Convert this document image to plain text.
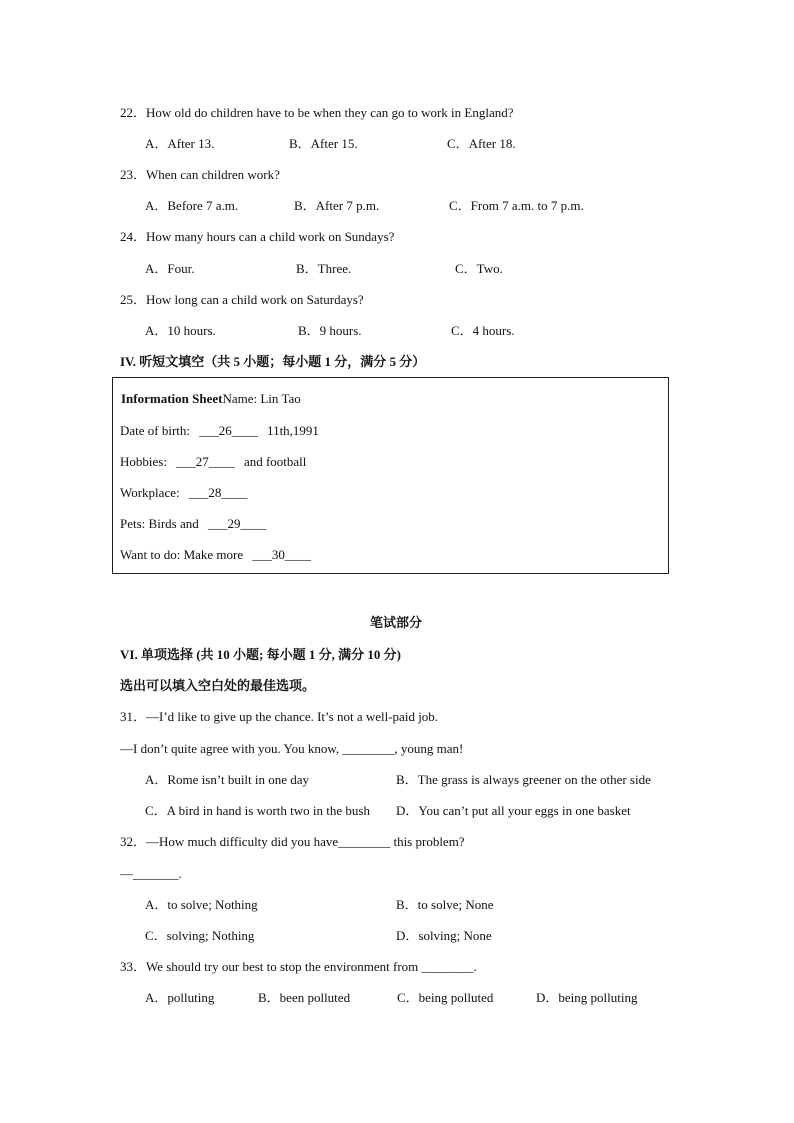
22．How old do children have to be when they can go to work in England?
A．After 13.	B．After 15.	C．After 18.
23．When can children work?
A．Before 7 a.m.	B．After 7 p.m.	C．From 7 a.m. to 7 p.m.
24．How many hours can a child work on Sundays?
A．Four.	B．Three.	C．Two.
25．How long can a child work on Saturdays?
A．10 hours.	B．9 hours.	C．4 hours.
IV. 听短文填空（共 5 小题；每小题 1 分，满分 5 分）
Information SheetName: Lin Tao
Date of birth: ___26____ 11th,1991
Hobbies: ___27____ and football
Workplace: ___28____
Pets: Birds and ___29____
Want to do: Make more ___30____
笔试部分
VI. 单项选择 (共 10 小题; 每小题 1 分, 满分 10 分)
选出可以填入空白处的最佳选项。
31．—I’d like to give up the chance. It’s not a well-paid job.
—I don’t quite agree with you. You know, ________, young man!
A．Rome isn’t built in one day	B．The grass is always greener on the other side
C．A bird in hand is worth two in the bush D．You can’t put all your eggs in one basket
32．—How much difficulty did you have________ this problem?
—_______.
A．to solve; Nothing	B．to solve; None
C．solving; Nothing	D．solving; None
33．We should try our best to stop the environment from ________.
A．polluting	B．been polluted	C．being polluted	D．being polluting
